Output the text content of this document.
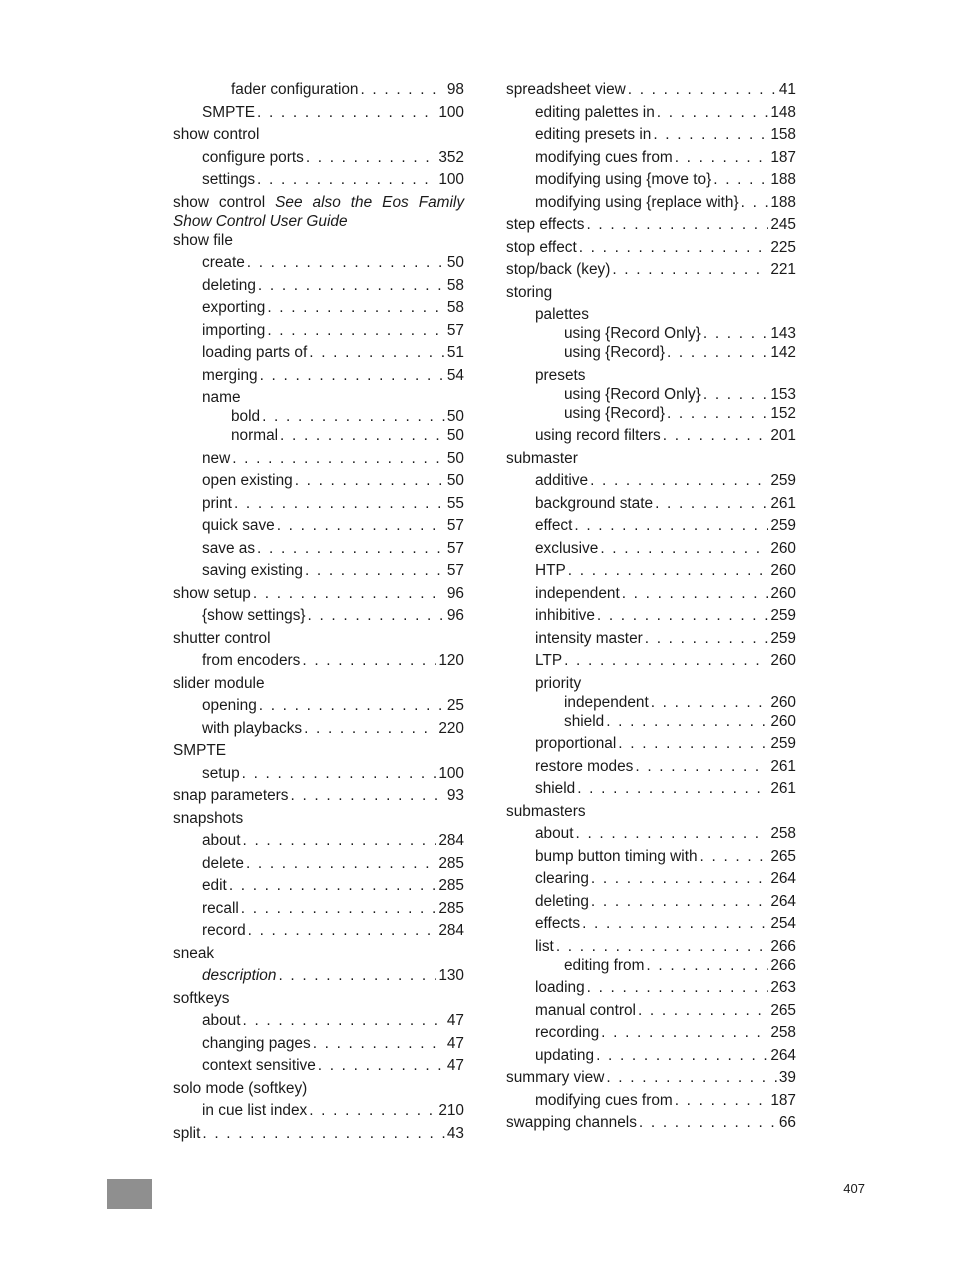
fader configuration . . .	98
SMPTE . . .	100
show control
configure ports . . .	352
settings . . .	100
show control See also the Eos Family Show Control User Guide
show file
create . . .	50
deleting . . .	58
exporting . . .	58
importing . . .	57
loading parts of . . .	51
merging . . .	54
name
bold . . .	50
normal . . .	50
new . . .	50
open existing . . .	50
print . . .	55
quick save . . .	57
save as . . .	57
saving existing . . .	57
show setup . . .	96
{show settings} . . .	96
shutter control
from encoders . . .	120
slider module
opening . . .	25
with playbacks . . .	220
SMPTE
setup . . .	100
snap parameters . . .	93
snapshots
about . . .	284
delete . . .	285
edit . . .	285
recall . . .	285
record . . .	284
sneak
description . . .	130
softkeys
about . . .	47
changing pages . . .	47
context sensitive . . .	47
solo mode (softkey)
in cue list index . . .	210
split . . .	43
spreadsheet view . . .	41
editing palettes in . . .	148
editing presets in . . .	158
modifying cues from . . .	187
modifying using {move to} . . .	188
modifying using {replace with} . . . 188
step effects . . .	245
stop effect . . .	225
stop/back (key) . . .	221
storing
palettes
using {Record Only} . . .	143
using {Record} . . .	142
presets
using {Record Only} . . .	153
using {Record} . . .	152
using record filters . . .	201
submaster
additive . . .	259
background state . . .	261
effect . . .	259
exclusive . . .	260
HTP . . .	260
independent . . .	260
inhibitive . . .	259
intensity master . . .	259
LTP . . .	260
priority
independent . . .	260
shield . . .	260
proportional . . .	259
restore modes . . .	261
shield . . .	261
submasters
about . . .	258
bump button timing with . . .	265
clearing . . .	264
deleting . . .	264
effects . . .	254
list . . .	266
editing from . . .	266
loading . . .	263
manual control . . .	265
recording . . .	258
updating . . .	264
summary view . . .	39
modifying cues from . . .	187
swapping channels . . .	66
407
